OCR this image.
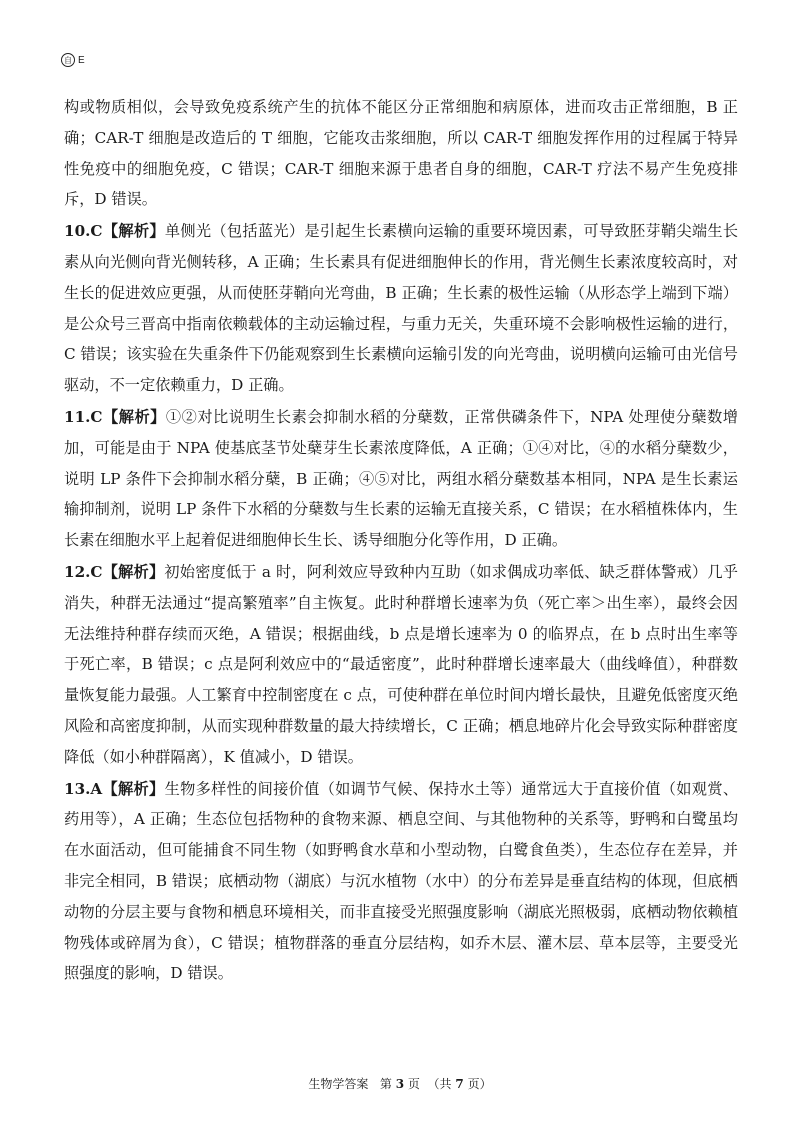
自 E

构或物质相似，会导致免疫系统产生的抗体不能区分正常细胞和病原体，进而攻击正常细胞，B 正确；CAR-T 细胞是改造后的 T 细胞，它能攻击浆细胞，所以 CAR-T 细胞发挥作用的过程属于特异性免疫中的细胞免疫，C 错误；CAR-T 细胞来源于患者自身的细胞，CAR-T 疗法不易产生免疫排斥，D 错误。

10.C【解析】单侧光（包括蓝光）是引起生长素横向运输的重要环境因素，可导致胚芽鞘尖端生长素从向光侧向背光侧转移，A 正确；生长素具有促进细胞伸长的作用，背光侧生长素浓度较高时，对生长的促进效应更强，从而使胚芽鞘向光弯曲，B 正确；生长素的极性运输（从形态学上端到下端）是公众号三晋高中指南依赖载体的主动运输过程，与重力无关，失重环境不会影响极性运输的进行，C 错误；该实验在失重条件下仍能观察到生长素横向运输引发的向光弯曲，说明横向运输可由光信号驱动，不一定依赖重力，D 正确。

11.C【解析】①②对比说明生长素会抑制水稻的分蘖数，正常供磷条件下，NPA 处理使分蘖数增加，可能是由于 NPA 使基底茎节处蘖芽生长素浓度降低，A 正确；①④对比，④的水稻分蘖数少，说明 LP 条件下会抑制水稻分蘖，B 正确；④⑤对比，两组水稻分蘖数基本相同，NPA 是生长素运输抑制剂，说明 LP 条件下水稻的分蘖数与生长素的运输无直接关系，C 错误；在水稻植株体内，生长素在细胞水平上起着促进细胞伸长生长、诱导细胞分化等作用，D 正确。

12.C【解析】初始密度低于 a 时，阿利效应导致种内互助（如求偶成功率低、缺乏群体警戒）几乎消失，种群无法通过“提高繁殖率”自主恢复。此时种群增长速率为负（死亡率＞出生率），最终会因无法维持种群存续而灭绝，A 错误；根据曲线，b 点是增长速率为 0 的临界点，在 b 点时出生率等于死亡率，B 错误；c 点是阿利效应中的“最适密度”，此时种群增长速率最大（曲线峰值），种群数量恢复能力最强。人工繁育中控制密度在 c 点，可使种群在单位时间内增长最快，且避免低密度灭绝风险和高密度抑制，从而实现种群数量的最大持续增长，C 正确；栖息地碎片化会导致实际种群密度降低（如小种群隔离），K 值减小，D 错误。

13.A【解析】生物多样性的间接价值（如调节气候、保持水土等）通常远大于直接价值（如观赏、药用等），A 正确；生态位包括物种的食物来源、栖息空间、与其他物种的关系等，野鸭和白鹭虽均在水面活动，但可能捕食不同生物（如野鸭食水草和小型动物，白鹭食鱼类），生态位存在差异，并非完全相同，B 错误；底栖动物（湖底）与沉水植物（水中）的分布差异是垂直结构的体现，但底栖动物的分层主要与食物和栖息环境相关，而非直接受光照强度影响（湖底光照极弱，底栖动物依赖植物残体或碎屑为食），C 错误；植物群落的垂直分层结构，如乔木层、灌木层、草本层等，主要受光照强度的影响，D 错误。

生物学答案 第 3 页 （共 7 页）
